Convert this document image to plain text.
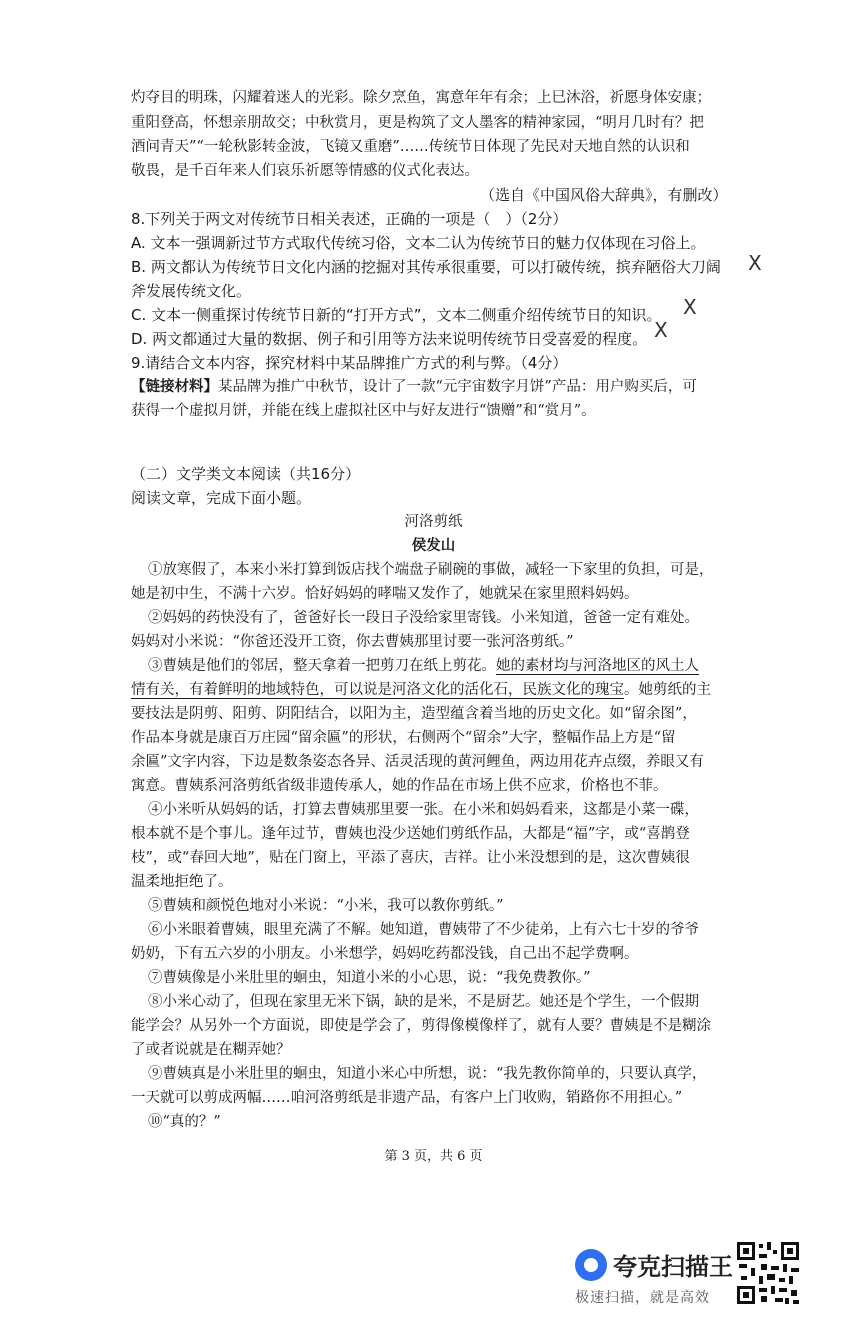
灼夺目的明珠，闪耀着迷人的光彩。除夕烹鱼，寓意年年有余；上巳沐浴，祈愿身体安康；
重阳登高，怀想亲朋故交；中秋赏月，更是构筑了文人墨客的精神家园，“明月几时有？把
酒问青天”“一轮秋影转金波，飞镜又重磨”……传统节日体现了先民对天地自然的认识和
敬畏，是千百年来人们哀乐祈愿等情感的仪式化表达。
（选自《中国风俗大辞典》，有删改）
8.下列关于两文对传统节日相关表述，正确的一项是（　）（2分）
A. 文本一强调新过节方式取代传统习俗，文本二认为传统节日的魅力仅体现在习俗上。
B. 两文都认为传统节日文化内涵的挖掘对其传承很重要，可以打破传统，摈弃陋俗大刀阔
斧发展传统文化。
C. 文本一侧重探讨传统节日新的“打开方式”，文本二侧重介绍传统节日的知识。
D. 两文都通过大量的数据、例子和引用等方法来说明传统节日受喜爱的程度。
X
X
X
9.请结合文本内容，探究材料中某品牌推广方式的利与弊。（4分）
【链接材料】某品牌为推广中秋节，设计了一款“元宇宙数字月饼”产品：用户购买后，可
获得一个虚拟月饼，并能在线上虚拟社区中与好友进行“馈赠”和“赏月”。
（二）文学类文本阅读（共16分）
阅读文章，完成下面小题。
河洛剪纸
侯发山
①放寒假了，本来小米打算到饭店找个端盘子刷碗的事做，减轻一下家里的负担，可是，
她是初中生，不满十六岁。恰好妈妈的哮喘又发作了，她就呆在家里照料妈妈。
②妈妈的药快没有了，爸爸好长一段日子没给家里寄钱。小米知道，爸爸一定有难处。
妈妈对小米说：“你爸还没开工资，你去曹姨那里讨要一张河洛剪纸。”
③曹姨是他们的邻居，整天拿着一把剪刀在纸上剪花。她的素材均与河洛地区的风土人
情有关，有着鲜明的地域特色，可以说是河洛文化的活化石，民族文化的瑰宝。她剪纸的主
要技法是阴剪、阳剪、阴阳结合，以阳为主，造型蕴含着当地的历史文化。如“留余图”，
作品本身就是康百万庄园“留余匾”的形状，右侧两个“留余”大字，整幅作品上方是“留
余匾”文字内容，下边是数条姿态各异、活灵活现的黄河鲤鱼，两边用花卉点缀，养眼又有
寓意。曹姨系河洛剪纸省级非遗传承人，她的作品在市场上供不应求，价格也不菲。
④小米听从妈妈的话，打算去曹姨那里要一张。在小米和妈妈看来，这都是小菜一碟，
根本就不是个事儿。逢年过节，曹姨也没少送她们剪纸作品，大都是“福”字，或“喜鹊登
枝”，或“春回大地”，贴在门窗上，平添了喜庆，吉祥。让小米没想到的是，这次曹姨很
温柔地拒绝了。
⑤曹姨和颜悦色地对小米说：“小米，我可以教你剪纸。”
⑥小米眼着曹姨，眼里充满了不解。她知道，曹姨带了不少徒弟，上有六七十岁的爷爷
奶奶，下有五六岁的小朋友。小米想学，妈妈吃药都没钱，自己出不起学费啊。
⑦曹姨像是小米肚里的蛔虫，知道小米的小心思，说：“我免费教你。”
⑧小米心动了，但现在家里无米下锅，缺的是米，不是厨艺。她还是个学生，一个假期
能学会？从另外一个方面说，即使是学会了，剪得像模像样了，就有人要？曹姨是不是糊涂
了或者说就是在糊弄她？
⑨曹姨真是小米肚里的蛔虫，知道小米心中所想，说：“我先教你简单的，只要认真学，
一天就可以剪成两幅……咱河洛剪纸是非遗产品，有客户上门收购，销路你不用担心。”
⑩“真的？”
第 3 页，共 6 页
夸克扫描王
极速扫描，就是高效
